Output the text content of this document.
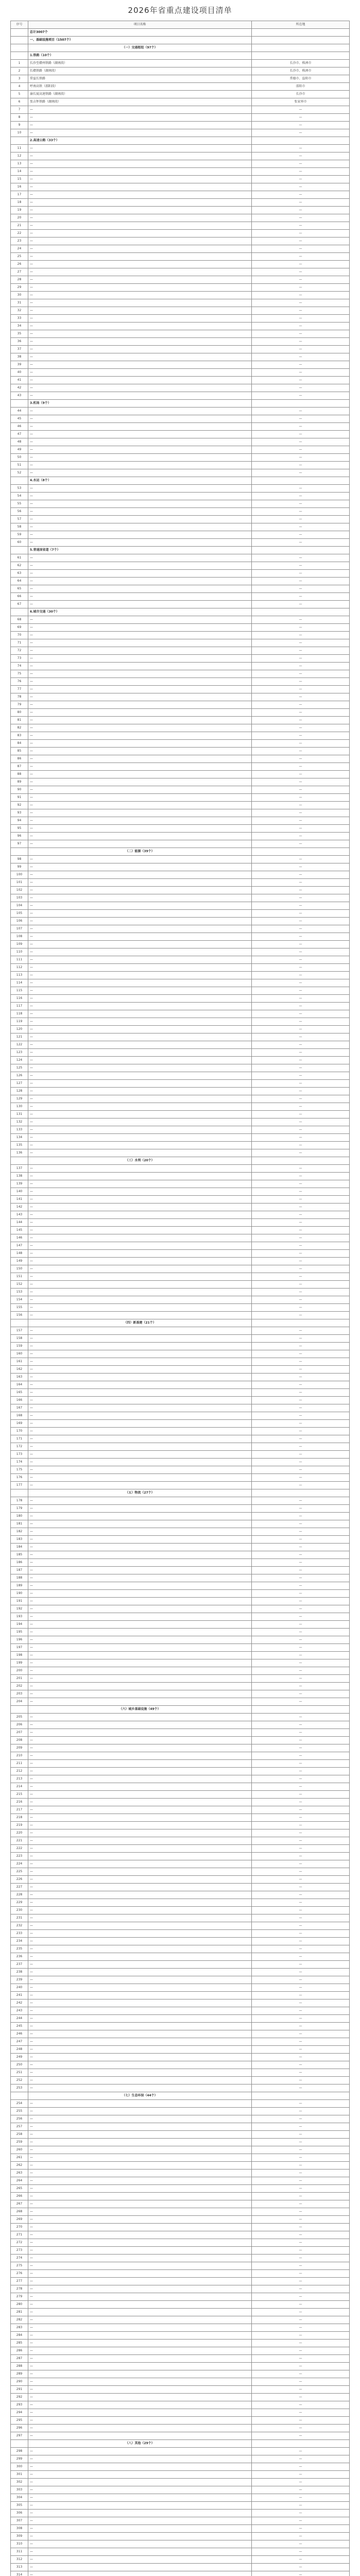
2026年省重点建设项目清单
序号	项目名称	所在地
	总计3007个	
	一、基础设施项目（1507个）	
	（一）交通枢纽（97个）	
	1.铁路（10个）	
1	长沙至赣州铁路（湖南段）	长沙市、株洲市
2	长赣铁路（湖南段）	长沙市、株洲市
3	常益长铁路	常德市、益阳市
4	呼南高铁（邵阳段）	邵阳市
5	渝长厦高速铁路（湖南段）	长沙市
6	张吉怀铁路（湖南段）	张家界市
7	—	—
8	—	—
9	—	—
10	—	—
	2.高速公路（33个）	
11	—	—
12	—	—
13	—	—
14	—	—
15	—	—
16	—	—
17	—	—
18	—	—
19	—	—
20	—	—
21	—	—
22	—	—
23	—	—
24	—	—
25	—	—
26	—	—
27	—	—
28	—	—
29	—	—
30	—	—
31	—	—
32	—	—
33	—	—
34	—	—
35	—	—
36	—	—
37	—	—
38	—	—
39	—	—
40	—	—
41	—	—
42	—	—
43	—	—
	3.机场（9个）	
44	—	—
45	—	—
46	—	—
47	—	—
48	—	—
49	—	—
50	—	—
51	—	—
52	—	—
	4.水运（8个）	
53	—	—
54	—	—
55	—	—
56	—	—
57	—	—
58	—	—
59	—	—
60	—	—
	5.普通国省道（7个）	
61	—	—
62	—	—
63	—	—
64	—	—
65	—	—
66	—	—
67	—	—
	6.城市交通（30个）	
68	—	—
69	—	—
70	—	—
71	—	—
72	—	—
73	—	—
74	—	—
75	—	—
76	—	—
77	—	—
78	—	—
79	—	—
80	—	—
81	—	—
82	—	—
83	—	—
84	—	—
85	—	—
86	—	—
87	—	—
88	—	—
89	—	—
90	—	—
91	—	—
92	—	—
93	—	—
94	—	—
95	—	—
96	—	—
97	—	—
	（二）能源（39个）	
98	—	—
99	—	—
100	—	—
101	—	—
102	—	—
103	—	—
104	—	—
105	—	—
106	—	—
107	—	—
108	—	—
109	—	—
110	—	—
111	—	—
112	—	—
113	—	—
114	—	—
115	—	—
116	—	—
117	—	—
118	—	—
119	—	—
120	—	—
121	—	—
122	—	—
123	—	—
124	—	—
125	—	—
126	—	—
127	—	—
128	—	—
129	—	—
130	—	—
131	—	—
132	—	—
133	—	—
134	—	—
135	—	—
136	—	—
	（三）水利（20个）	
137	—	—
138	—	—
139	—	—
140	—	—
141	—	—
142	—	—
143	—	—
144	—	—
145	—	—
146	—	—
147	—	—
148	—	—
149	—	—
150	—	—
151	—	—
152	—	—
153	—	—
154	—	—
155	—	—
156	—	—
	（四）新基建（21个）	
157	—	—
158	—	—
159	—	—
160	—	—
161	—	—
162	—	—
163	—	—
164	—	—
165	—	—
166	—	—
167	—	—
168	—	—
169	—	—
170	—	—
171	—	—
172	—	—
173	—	—
174	—	—
175	—	—
176	—	—
177	—	—
	（五）物流（27个）	
178	—	—
179	—	—
180	—	—
181	—	—
182	—	—
183	—	—
184	—	—
185	—	—
186	—	—
187	—	—
188	—	—
189	—	—
190	—	—
191	—	—
192	—	—
193	—	—
194	—	—
195	—	—
196	—	—
197	—	—
198	—	—
199	—	—
200	—	—
201	—	—
202	—	—
203	—	—
204	—	—
	（六）城乡基础设施（49个）	
205	—	—
206	—	—
207	—	—
208	—	—
209	—	—
210	—	—
211	—	—
212	—	—
213	—	—
214	—	—
215	—	—
216	—	—
217	—	—
218	—	—
219	—	—
220	—	—
221	—	—
222	—	—
223	—	—
224	—	—
225	—	—
226	—	—
227	—	—
228	—	—
229	—	—
230	—	—
231	—	—
232	—	—
233	—	—
234	—	—
235	—	—
236	—	—
237	—	—
238	—	—
239	—	—
240	—	—
241	—	—
242	—	—
243	—	—
244	—	—
245	—	—
246	—	—
247	—	—
248	—	—
249	—	—
250	—	—
251	—	—
252	—	—
253	—	—
	（七）生态环保（44个）	
254	—	—
255	—	—
256	—	—
257	—	—
258	—	—
259	—	—
260	—	—
261	—	—
262	—	—
263	—	—
264	—	—
265	—	—
266	—	—
267	—	—
268	—	—
269	—	—
270	—	—
271	—	—
272	—	—
273	—	—
274	—	—
275	—	—
276	—	—
277	—	—
278	—	—
279	—	—
280	—	—
281	—	—
282	—	—
283	—	—
284	—	—
285	—	—
286	—	—
287	—	—
288	—	—
289	—	—
290	—	—
291	—	—
292	—	—
293	—	—
294	—	—
295	—	—
296	—	—
297	—	—
	（八）其他（29个）	
298	—	—
299	—	—
300	—	—
301	—	—
302	—	—
303	—	—
304	—	—
305	—	—
306	—	—
307	—	—
308	—	—
309	—	—
310	—	—
311	—	—
312	—	—
313	—	—
314	—	—
